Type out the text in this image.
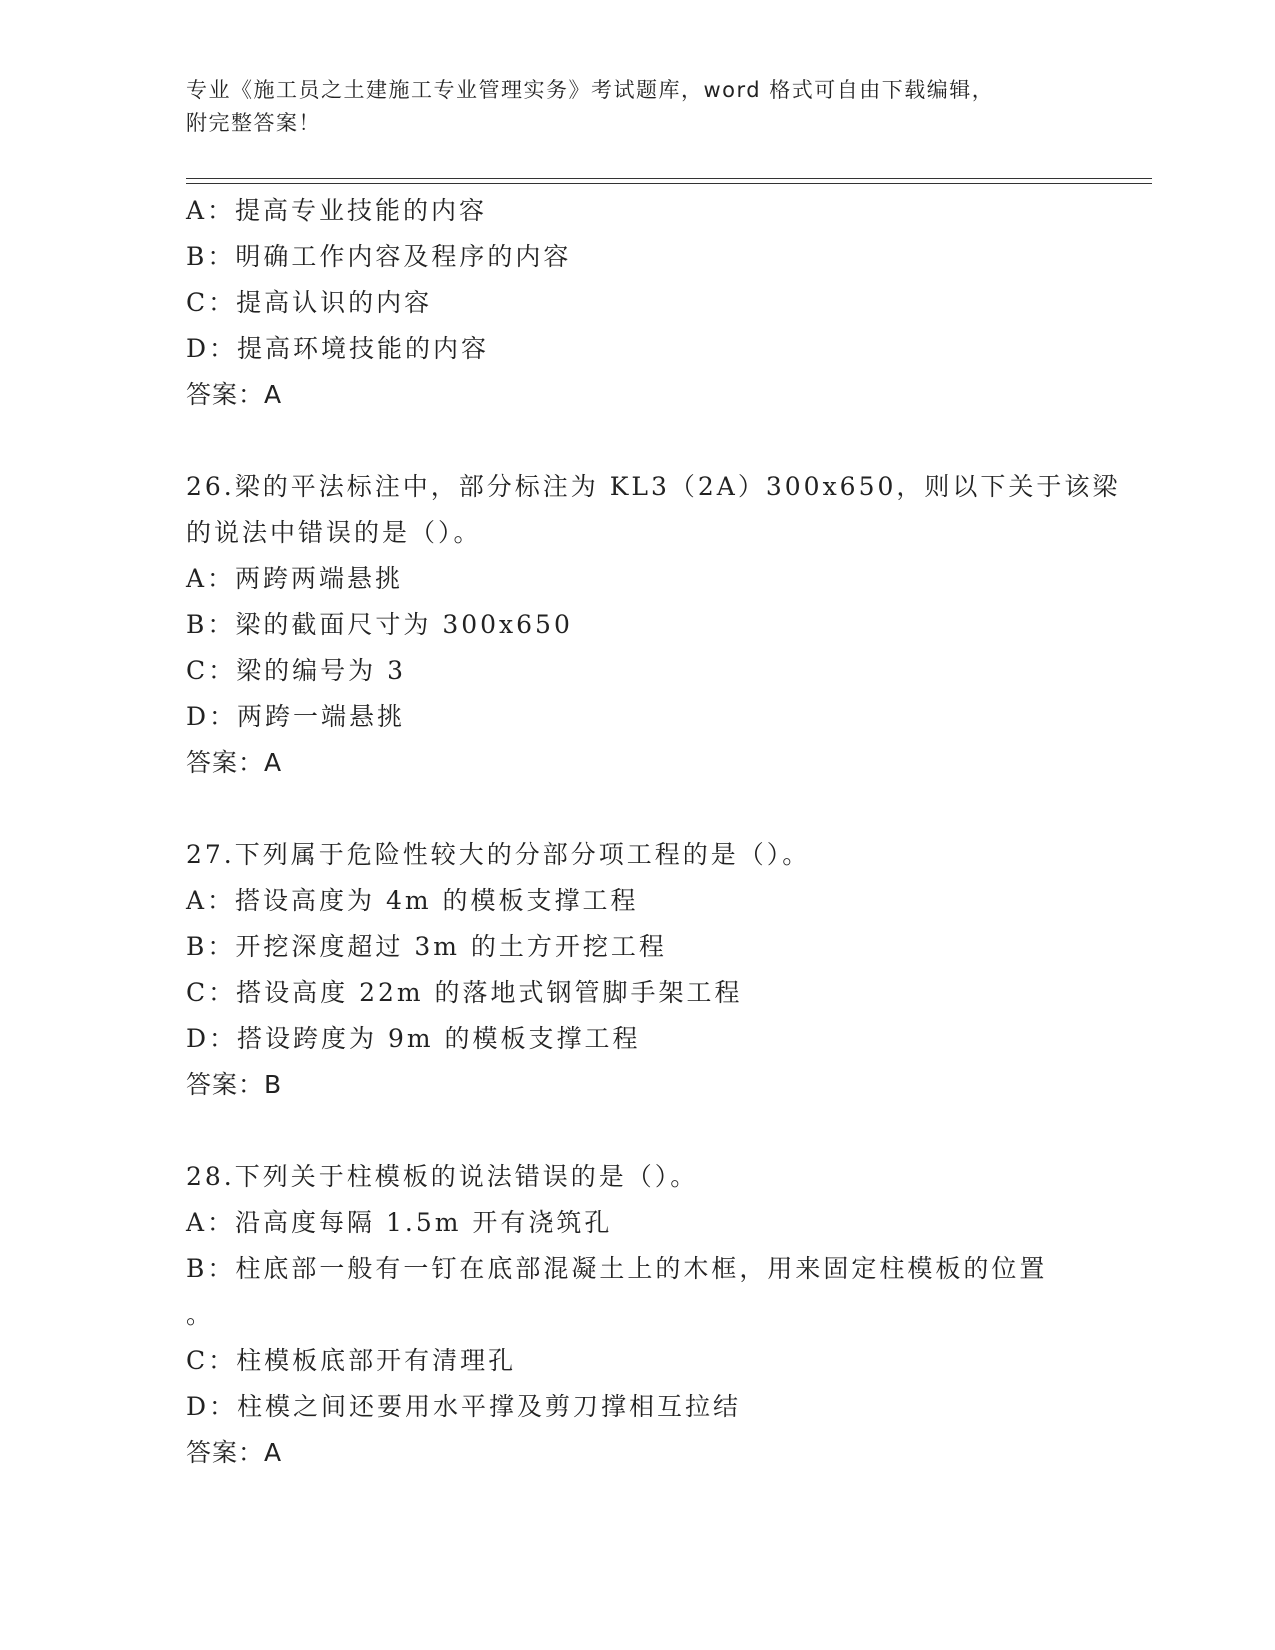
专业《施工员之土建施工专业管理实务》考试题库，word 格式可自由下载编辑，
附完整答案！
A：提高专业技能的内容
B：明确工作内容及程序的内容
C：提高认识的内容
D：提高环境技能的内容
答案：A
26.梁的平法标注中，部分标注为 KL3（2A）300x650，则以下关于该梁
的说法中错误的是（）。
A：两跨两端悬挑
B：梁的截面尺寸为 300x650
C：梁的编号为 3
D：两跨一端悬挑
答案：A
27.下列属于危险性较大的分部分项工程的是（）。
A：搭设高度为 4m 的模板支撑工程
B：开挖深度超过 3m 的土方开挖工程
C：搭设高度 22m 的落地式钢管脚手架工程
D：搭设跨度为 9m 的模板支撑工程
答案：B
28.下列关于柱模板的说法错误的是（）。
A：沿高度每隔 1.5m 开有浇筑孔
B：柱底部一般有一钉在底部混凝土上的木框，用来固定柱模板的位置
。
C：柱模板底部开有清理孔
D：柱模之间还要用水平撑及剪刀撑相互拉结
答案：A
